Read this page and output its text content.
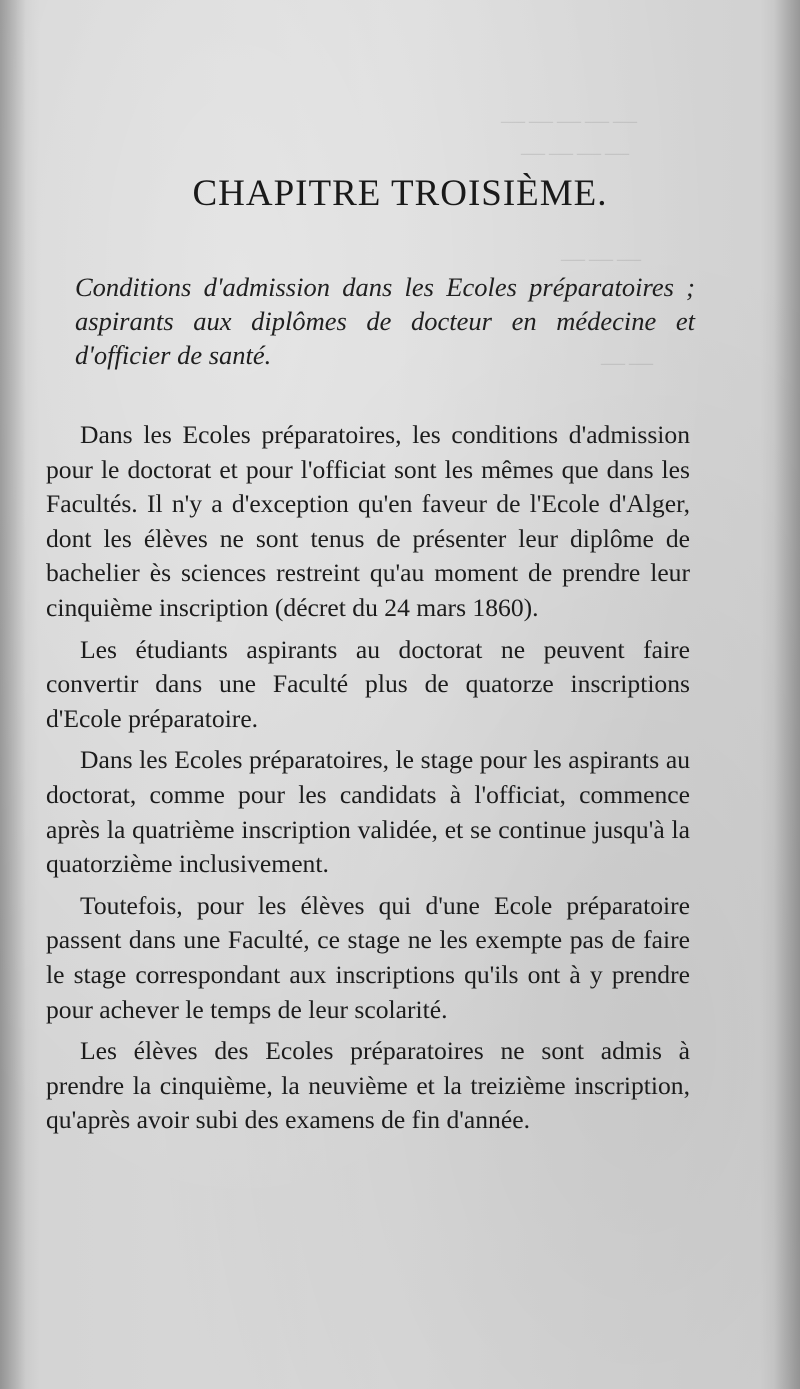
— — — — —
— — — —
— — —
— —
CHAPITRE TROISIÈME.

Conditions d'admission dans les Ecoles préparatoires ; aspirants aux diplômes de docteur en médecine et d'officier de santé.

Dans les Ecoles préparatoires, les conditions d'admission pour le doctorat et pour l'officiat sont les mêmes que dans les Facultés. Il n'y a d'exception qu'en faveur de l'Ecole d'Alger, dont les élèves ne sont tenus de présenter leur diplôme de bachelier ès sciences restreint qu'au moment de prendre leur cinquième inscription (décret du 24 mars 1860).

Les étudiants aspirants au doctorat ne peuvent faire convertir dans une Faculté plus de quatorze inscriptions d'Ecole préparatoire.

Dans les Ecoles préparatoires, le stage pour les aspirants au doctorat, comme pour les candidats à l'officiat, commence après la quatrième inscription validée, et se continue jusqu'à la quatorzième inclusivement.

Toutefois, pour les élèves qui d'une Ecole préparatoire passent dans une Faculté, ce stage ne les exempte pas de faire le stage correspondant aux inscriptions qu'ils ont à y prendre pour achever le temps de leur scolarité.

Les élèves des Ecoles préparatoires ne sont admis à prendre la cinquième, la neuvième et la treizième inscription, qu'après avoir subi des examens de fin d'année.
